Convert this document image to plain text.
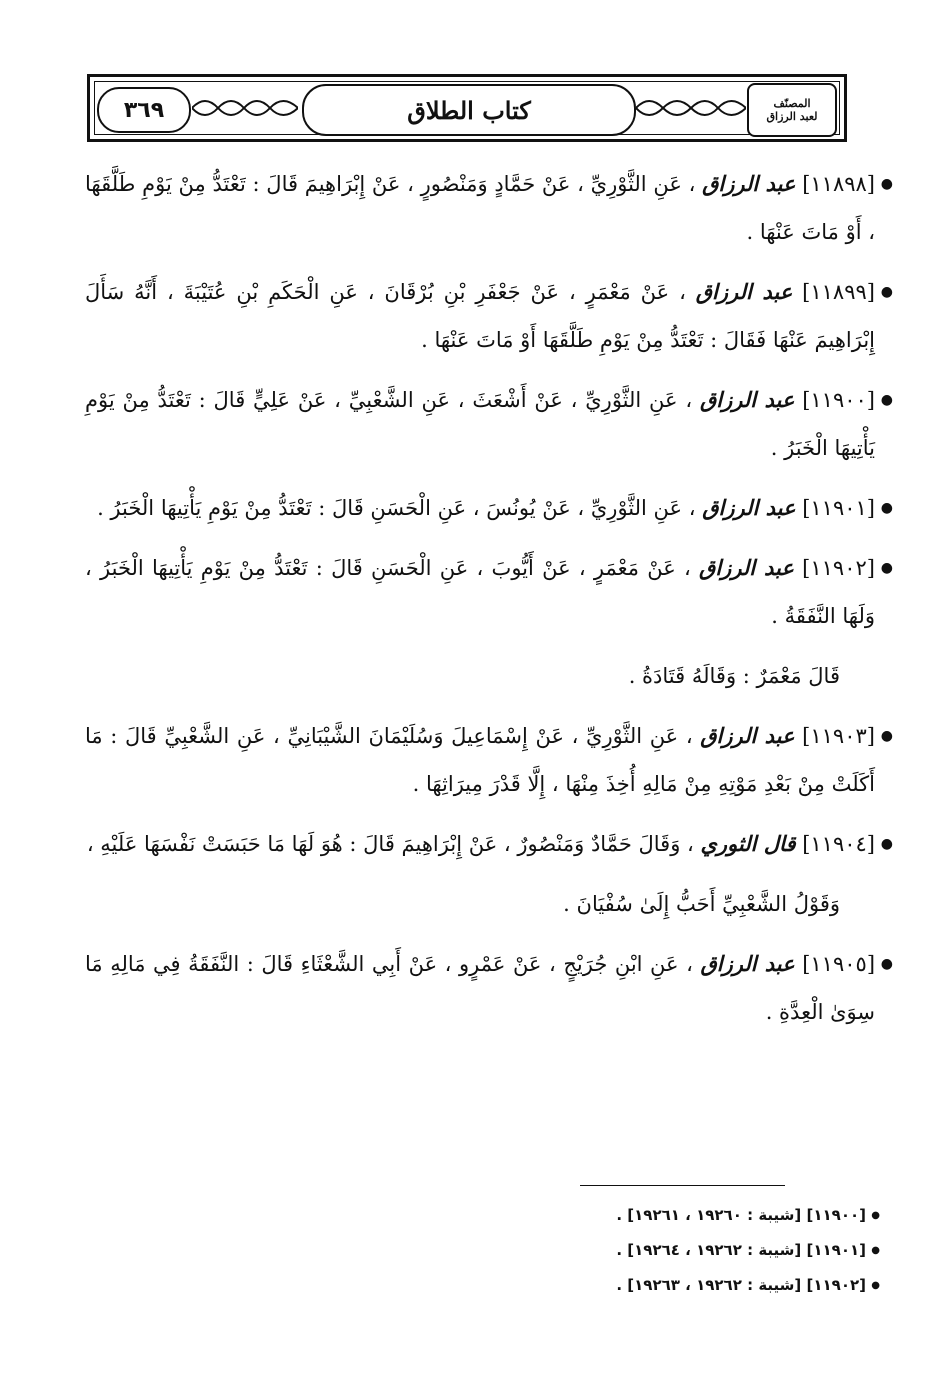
٣٦٩	كتاب الطلاق	المصنّف
لعبد الرزاق
●
[١١٨٩٨] عبد الرزاق ، عَنِ الثَّوْرِيِّ ، عَنْ حَمَّادٍ وَمَنْصُورٍ ، عَنْ إِبْرَاهِيمَ قَالَ : تَعْتَدُّ مِنْ يَوْمِ طَلَّقَهَا ، أَوْ مَاتَ عَنْهَا .
●
[١١٨٩٩] عبد الرزاق ، عَنْ مَعْمَرٍ ، عَنْ جَعْفَرِ بْنِ بُرْقَانَ ، عَنِ الْحَكَمِ بْنِ عُتَيْبَةَ ، أَنَّهُ سَأَلَ إِبْرَاهِيمَ عَنْهَا فَقَالَ : تَعْتَدُّ مِنْ يَوْمِ طَلَّقَهَا أَوْ مَاتَ عَنْهَا .
●
[١١٩٠٠] عبد الرزاق ، عَنِ الثَّوْرِيِّ ، عَنْ أَشْعَثَ ، عَنِ الشَّعْبِيِّ ، عَنْ عَلِيٍّ قَالَ : تَعْتَدُّ مِنْ يَوْمِ يَأْتِيهَا الْخَبَرُ .
●
[١١٩٠١] عبد الرزاق ، عَنِ الثَّوْرِيِّ ، عَنْ يُونُسَ ، عَنِ الْحَسَنِ قَالَ : تَعْتَدُّ مِنْ يَوْمِ يَأْتِيهَا الْخَبَرُ .
●
[١١٩٠٢] عبد الرزاق ، عَنْ مَعْمَرٍ ، عَنْ أَيُّوبَ ، عَنِ الْحَسَنِ قَالَ : تَعْتَدُّ مِنْ يَوْمِ يَأْتِيهَا الْخَبَرُ ، وَلَهَا النَّفَقَةُ .
قَالَ مَعْمَرٌ : وَقَالَهُ قَتَادَةُ .
●
[١١٩٠٣] عبد الرزاق ، عَنِ الثَّوْرِيِّ ، عَنْ إِسْمَاعِيلَ وَسُلَيْمَانَ الشَّيْبَانِيِّ ، عَنِ الشَّعْبِيِّ قَالَ : مَا أَكَلَتْ مِنْ بَعْدِ مَوْتِهِ مِنْ مَالِهِ أُخِذَ مِنْهَا ، إِلَّا قَدْرَ مِيرَاثِهَا .
●
[١١٩٠٤] قال الثوري ، وَقَالَ حَمَّادٌ وَمَنْصُورٌ ، عَنْ إِبْرَاهِيمَ قَالَ : هُوَ لَهَا مَا حَبَسَتْ نَفْسَهَا عَلَيْهِ ،
وَقَوْلُ الشَّعْبِيِّ أَحَبُّ إِلَىٰ سُفْيَانَ .
●
[١١٩٠٥] عبد الرزاق ، عَنِ ابْنِ جُرَيْجٍ ، عَنْ عَمْرٍو ، عَنْ أَبِي الشَّعْثَاءِ قَالَ : النَّفَقَةُ فِي مَالِهِ مَا سِوَىٰ الْعِدَّةِ .
●
[١١٩٠٠] [شيبة : ١٩٢٦٠ ، ١٩٢٦١] .
●
[١١٩٠١] [شيبة : ١٩٢٦٢ ، ١٩٢٦٤] .
●
[١١٩٠٢] [شيبة : ١٩٢٦٢ ، ١٩٢٦٣] .
